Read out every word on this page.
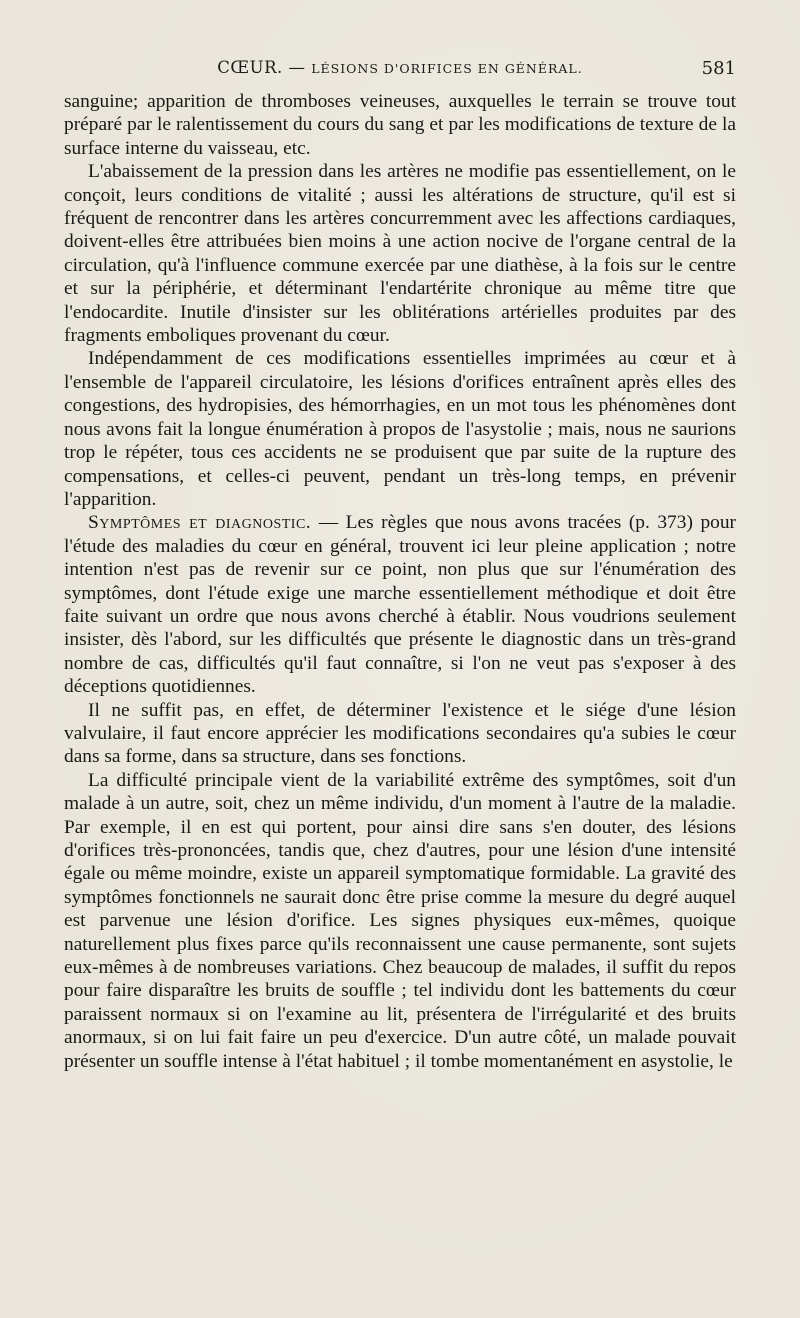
CŒUR. — LÉSIONS D'ORIFICES EN GÉNÉRAL.	581

sanguine; apparition de thromboses veineuses, auxquelles le terrain se trouve tout préparé par le ralentissement du cours du sang et par les modifications de texture de la surface interne du vaisseau, etc.

L'abaissement de la pression dans les artères ne modifie pas essentiellement, on le conçoit, leurs conditions de vitalité ; aussi les altérations de structure, qu'il est si fréquent de rencontrer dans les artères concurremment avec les affections cardiaques, doivent-elles être attribuées bien moins à une action nocive de l'organe central de la circulation, qu'à l'influence commune exercée par une diathèse, à la fois sur le centre et sur la périphérie, et déterminant l'endartérite chronique au même titre que l'endocardite. Inutile d'insister sur les oblitérations artérielles produites par des fragments emboliques provenant du cœur.

Indépendamment de ces modifications essentielles imprimées au cœur et à l'ensemble de l'appareil circulatoire, les lésions d'orifices entraînent après elles des congestions, des hydropisies, des hémorrhagies, en un mot tous les phénomènes dont nous avons fait la longue énumération à propos de l'asystolie ; mais, nous ne saurions trop le répéter, tous ces accidents ne se produisent que par suite de la rupture des compensations, et celles-ci peuvent, pendant un très-long temps, en prévenir l'apparition.

Symptômes et diagnostic. — Les règles que nous avons tracées (p. 373) pour l'étude des maladies du cœur en général, trouvent ici leur pleine application ; notre intention n'est pas de revenir sur ce point, non plus que sur l'énumération des symptômes, dont l'étude exige une marche essentiellement méthodique et doit être faite suivant un ordre que nous avons cherché à établir. Nous voudrions seulement insister, dès l'abord, sur les difficultés que présente le diagnostic dans un très-grand nombre de cas, difficultés qu'il faut connaître, si l'on ne veut pas s'exposer à des déceptions quotidiennes.

Il ne suffit pas, en effet, de déterminer l'existence et le siége d'une lésion valvulaire, il faut encore apprécier les modifications secondaires qu'a subies le cœur dans sa forme, dans sa structure, dans ses fonctions.

La difficulté principale vient de la variabilité extrême des symptômes, soit d'un malade à un autre, soit, chez un même individu, d'un moment à l'autre de la maladie. Par exemple, il en est qui portent, pour ainsi dire sans s'en douter, des lésions d'orifices très-prononcées, tandis que, chez d'autres, pour une lésion d'une intensité égale ou même moindre, existe un appareil symptomatique formidable. La gravité des symptômes fonctionnels ne saurait donc être prise comme la mesure du degré auquel est parvenue une lésion d'orifice. Les signes physiques eux-mêmes, quoique naturellement plus fixes parce qu'ils reconnaissent une cause permanente, sont sujets eux-mêmes à de nombreuses variations. Chez beaucoup de malades, il suffit du repos pour faire disparaître les bruits de souffle ; tel individu dont les battements du cœur paraissent normaux si on l'examine au lit, présentera de l'irrégularité et des bruits anormaux, si on lui fait faire un peu d'exercice. D'un autre côté, un malade pouvait présenter un souffle intense à l'état habituel ; il tombe momentanément en asystolie, le
